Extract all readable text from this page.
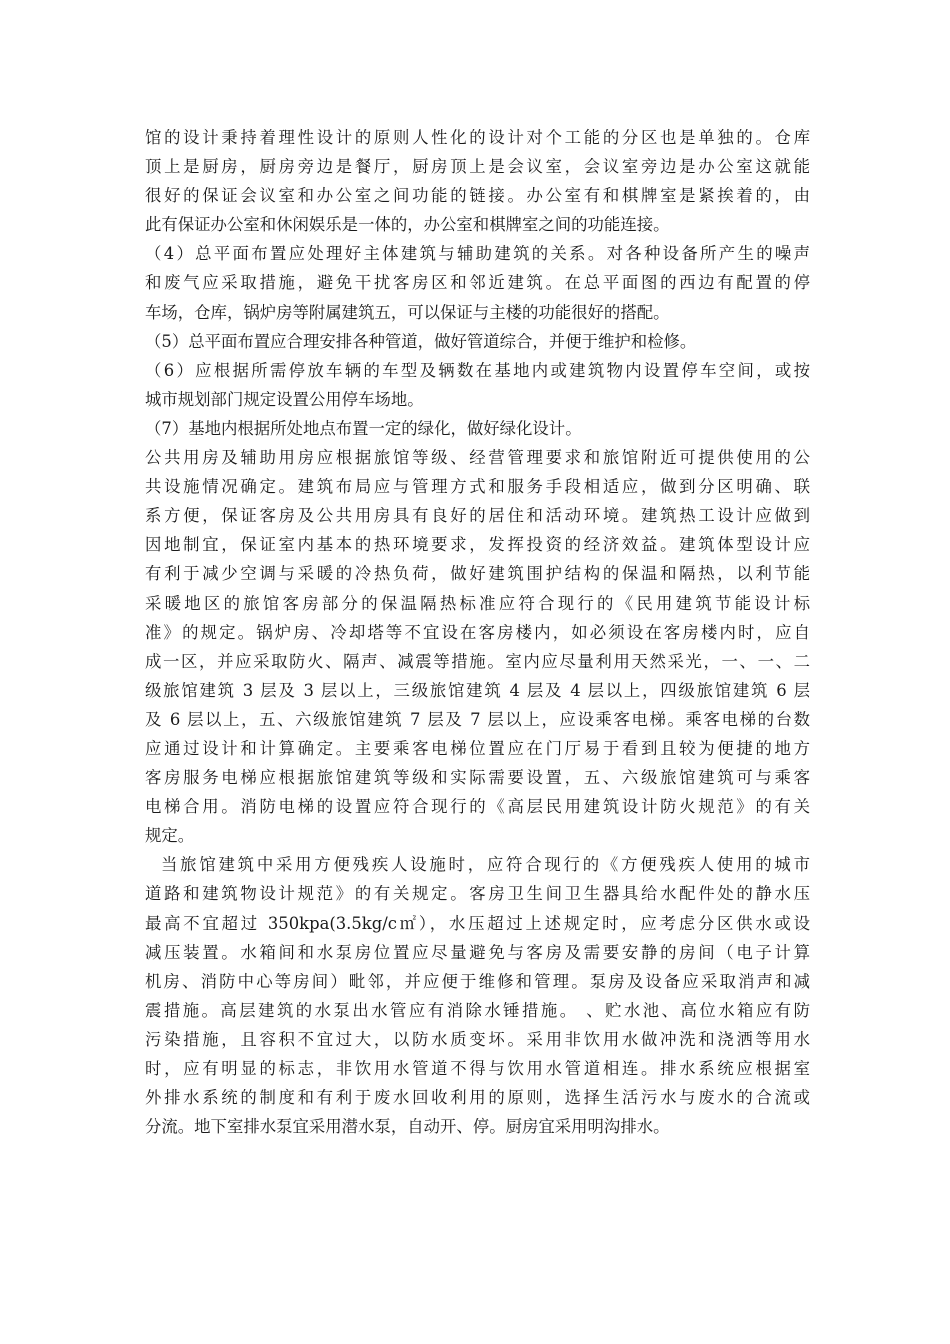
馆的设计秉持着理性设计的原则人性化的设计对个工能的分区也是单独的。仓库
顶上是厨房，厨房旁边是餐厅，厨房顶上是会议室，会议室旁边是办公室这就能
很好的保证会议室和办公室之间功能的链接。办公室有和棋牌室是紧挨着的，由
此有保证办公室和休闲娱乐是一体的，办公室和棋牌室之间的功能连接。
（4）总平面布置应处理好主体建筑与辅助建筑的关系。对各种设备所产生的噪声
和废气应采取措施，避免干扰客房区和邻近建筑。在总平面图的西边有配置的停
车场，仓库，锅炉房等附属建筑五，可以保证与主楼的功能很好的搭配。
（5）总平面布置应合理安排各种管道，做好管道综合，并便于维护和检修。
（6）应根据所需停放车辆的车型及辆数在基地内或建筑物内设置停车空间，或按
城市规划部门规定设置公用停车场地。
（7）基地内根据所处地点布置一定的绿化，做好绿化设计。
公共用房及辅助用房应根据旅馆等级、经营管理要求和旅馆附近可提供使用的公
共设施情况确定。建筑布局应与管理方式和服务手段相适应，做到分区明确、联
系方便，保证客房及公共用房具有良好的居住和活动环境。建筑热工设计应做到
因地制宜，保证室内基本的热环境要求，发挥投资的经济效益。建筑体型设计应
有利于减少空调与采暖的冷热负荷，做好建筑围护结构的保温和隔热，以利节能
采暖地区的旅馆客房部分的保温隔热标准应符合现行的《民用建筑节能设计标
准》的规定。锅炉房、冷却塔等不宜设在客房楼内，如必须设在客房楼内时，应自
成一区，并应采取防火、隔声、减震等措施。室内应尽量利用天然采光，一、一、二
级旅馆建筑 3 层及 3 层以上，三级旅馆建筑 4 层及 4 层以上，四级旅馆建筑 6 层
及 6 层以上，五、六级旅馆建筑 7 层及 7 层以上，应设乘客电梯。乘客电梯的台数
应通过设计和计算确定。主要乘客电梯位置应在门厅易于看到且较为便捷的地方
客房服务电梯应根据旅馆建筑等级和实际需要设置，五、六级旅馆建筑可与乘客
电梯合用。消防电梯的设置应符合现行的《高层民用建筑设计防火规范》的有关
规定。
当旅馆建筑中采用方便残疾人设施时，应符合现行的《方便残疾人使用的城市
道路和建筑物设计规范》的有关规定。客房卫生间卫生器具给水配件处的静水压
最高不宜超过 350kpa(3.5kg/c㎡），水压超过上述规定时，应考虑分区供水或设
减压装置。水箱间和水泵房位置应尽量避免与客房及需要安静的房间（电子计算
机房、消防中心等房间）毗邻，并应便于维修和管理。泵房及设备应采取消声和减
震措施。高层建筑的水泵出水管应有消除水锤措施。 、贮水池、高位水箱应有防
污染措施，且容积不宜过大，以防水质变坏。采用非饮用水做冲洗和浇洒等用水
时，应有明显的标志，非饮用水管道不得与饮用水管道相连。排水系统应根据室
外排水系统的制度和有利于废水回收利用的原则，选择生活污水与废水的合流或
分流。地下室排水泵宜采用潜水泵，自动开、停。厨房宜采用明沟排水。
